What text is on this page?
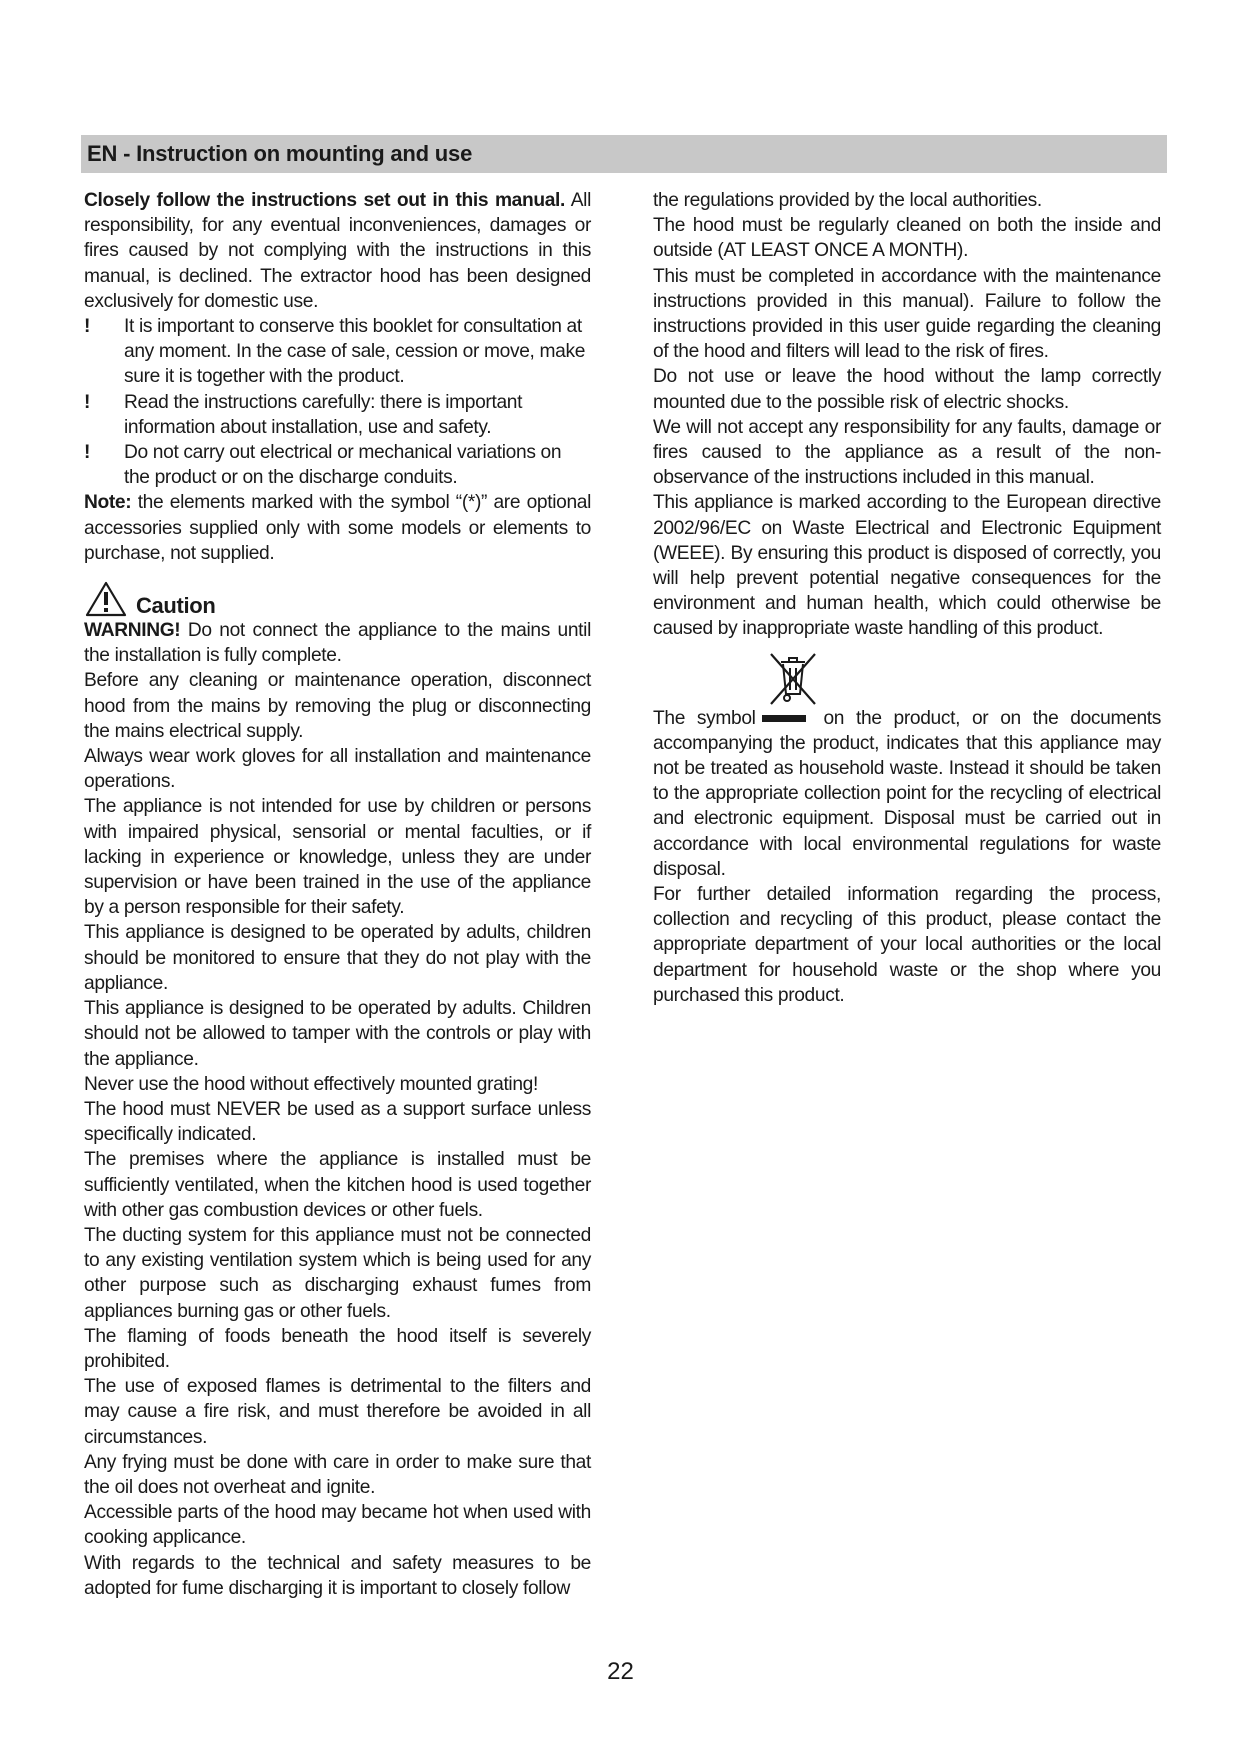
EN - Instruction on mounting and use

Closely follow the instructions set out in this manual. All responsibility, for any eventual inconveniences, damages or fires caused by not complying with the instructions in this manual, is declined. The extractor hood has been designed exclusively for domestic use.

! It is important to conserve this booklet for consultation at any moment. In the case of sale, cession or move, make sure it is together with the product.

! Read the instructions carefully: there is important information about installation, use and safety.

! Do not carry out electrical or mechanical variations on the product or on the discharge conduits.

Note: the elements marked with the symbol “(*)” are optional accessories supplied only with some models or elements to purchase, not supplied.

Caution

WARNING! Do not connect the appliance to the mains until the installation is fully complete.

Before any cleaning or maintenance operation, disconnect hood from the mains by removing the plug or disconnecting the mains electrical supply.

Always wear work gloves for all installation and maintenance operations.

The appliance is not intended for use by children or persons with impaired physical, sensorial or mental faculties, or if lacking in experience or knowledge, unless they are under supervision or have been trained in the use of the appliance by a person responsible for their safety.

This appliance is designed to be operated by adults, children should be monitored to ensure that they do not play with the appliance.

This appliance is designed to be operated by adults. Children should not be allowed to tamper with the controls or play with the appliance.

Never use the hood without effectively mounted grating!

The hood must NEVER be used as a support surface unless specifically indicated.

The premises where the appliance is installed must be sufficiently ventilated, when the kitchen hood is used together with other gas combustion devices or other fuels.

The ducting system for this appliance must not be connected to any existing ventilation system which is being used for any other purpose such as discharging exhaust fumes from appliances burning gas or other fuels.

The flaming of foods beneath the hood itself is severely prohibited.

The use of exposed flames is detrimental to the filters and may cause a fire risk, and must therefore be avoided in all circumstances.

Any frying must be done with care in order to make sure that the oil does not overheat and ignite.

Accessible parts of the hood may became hot when used with cooking applicance.

With regards to the technical and safety measures to be adopted for fume discharging it is important to closely follow

the regulations provided by the local authorities.

The hood must be regularly cleaned on both the inside and outside (AT LEAST ONCE A MONTH).

This must be completed in accordance with the maintenance instructions provided in this manual). Failure to follow the instructions provided in this user guide regarding the cleaning of the hood and filters will lead to the risk of fires.

Do not use or leave the hood without the lamp correctly mounted due to the possible risk of electric shocks.

We will not accept any responsibility for any faults, damage or fires caused to the appliance as a result of the non-observance of the instructions included in this manual.

This appliance is marked according to the European directive 2002/96/EC on Waste Electrical and Electronic Equipment (WEEE). By ensuring this product is disposed of correctly, you will help prevent potential negative consequences for the environment and human health, which could otherwise be caused by inappropriate waste handling of this product.

The symbol	on the product, or on the documents accompanying the product, indicates that this appliance may not be treated as household waste. Instead it should be taken to the appropriate collection point for the recycling of electrical and electronic equipment. Disposal must be carried out in accordance with local environmental regulations for waste disposal.

For further detailed information regarding the process, collection and recycling of this product, please contact the appropriate department of your local authorities or the local department for household waste or the shop where you purchased this product.

22
